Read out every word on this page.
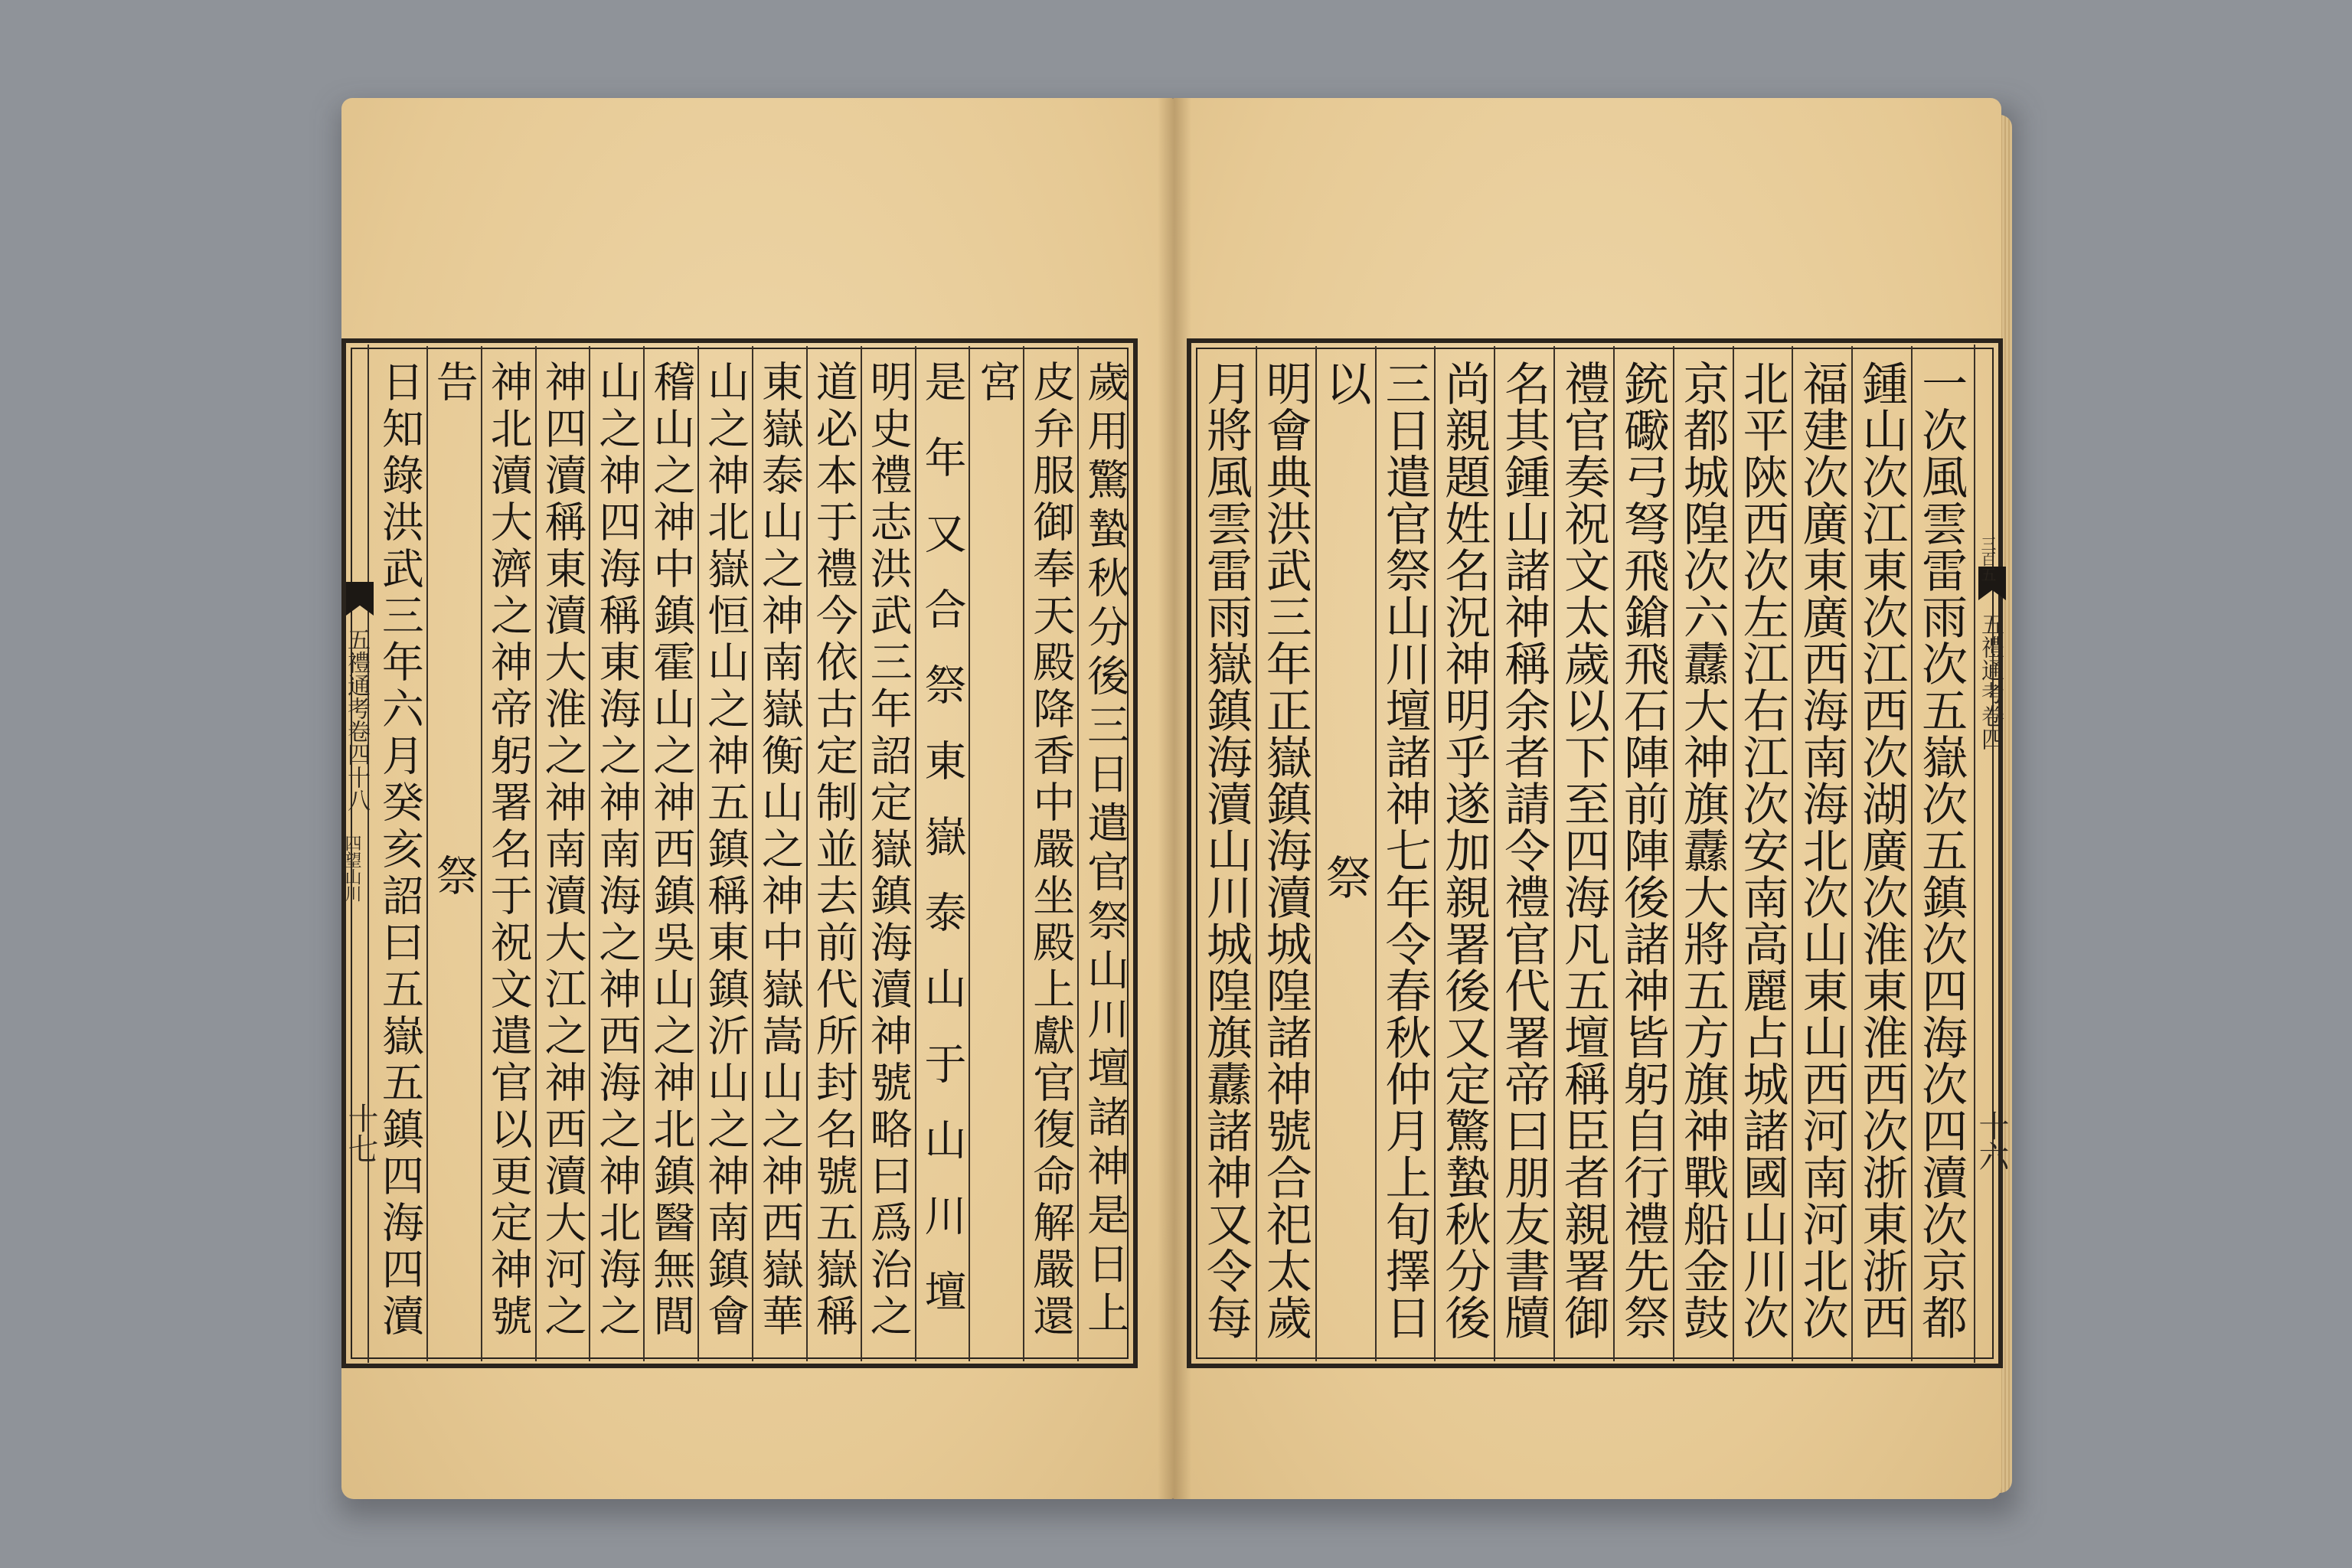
三百五
五禮通考卷四
十六
一次風雲雷雨次五嶽次五鎮次四海次四瀆次京都
鍾山次江東次江西次湖廣次淮東淮西次浙東浙西
福建次廣東廣西海南海北次山東山西河南河北次
北平陝西次左江右江次安南高麗占城諸國山川次
京都城隍次六纛大神旗纛大將五方旗神戰船金鼓
銃礮弓弩飛鎗飛石陣前陣後諸神皆躬自行禮先祭
禮官奏祝文太歲以下至四海凡五壇稱臣者親署御
名其鍾山諸神稱余者請令禮官代署帝曰朋友書牘
尚親題姓名況神明乎遂加親署後又定驚蟄秋分後
三日遣官祭山川壇諸神七年令春秋仲月上旬擇日
以祭
明會典洪武三年正嶽鎮海瀆城隍諸神號合祀太歲
月將風雲雷雨嶽鎮海瀆山川城隍旗纛諸神又令每
五禮通考卷四十八
四望山川
十七	歲用驚蟄秋分後三日遣官祭山川壇諸神是日上
皮弁服御奉天殿降香中嚴坐殿上獻官復命解嚴還
宮
是年又合祭東嶽泰山于山川壇
明史禮志洪武三年詔定嶽鎮海瀆神號略曰爲治之
道必本于禮今依古定制並去前代所封名號五嶽稱
東嶽泰山之神南嶽衡山之神中嶽嵩山之神西嶽華
山之神北嶽恒山之神五鎮稱東鎮沂山之神南鎮會
稽山之神中鎮霍山之神西鎮吳山之神北鎮醫無閭
山之神四海稱東海之神南海之神西海之神北海之
神四瀆稱東瀆大淮之神南瀆大江之神西瀆大河之
神北瀆大濟之神帝躬署名于祝文遣官以更定神號
告祭
日知錄洪武三年六月癸亥詔曰五嶽五鎮四海四瀆
